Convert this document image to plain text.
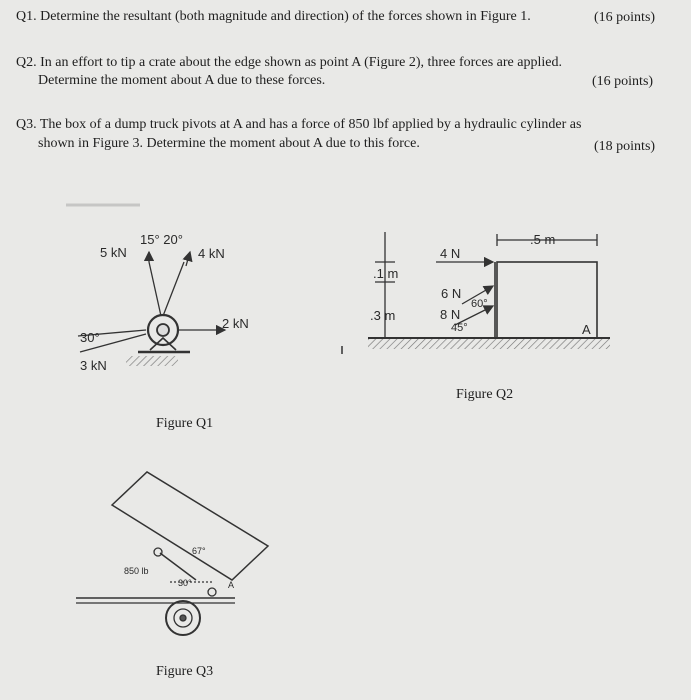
Q1. Determine the resultant (both magnitude and direction) of the forces shown in Figure 1.	(16 points)
Q2. In an effort to tip a crate about the edge shown as point A (Figure 2), three forces are applied.
Determine the moment about A due to these forces.	(16 points)
Q3. The box of a dump truck pivots at A and has a force of 850 lbf applied by a hydraulic cylinder as
shown in Figure 3. Determine the moment about A due to this force.	(18 points)
15° 20°
5 kN	4 kN
2 kN
30°
3 kN
Figure Q1
4 N
.5 m
.1 m
.3 m
6 N
60°
8 N
45°	A
Figure Q2
850 lb
30°
67°
A
Figure Q3
